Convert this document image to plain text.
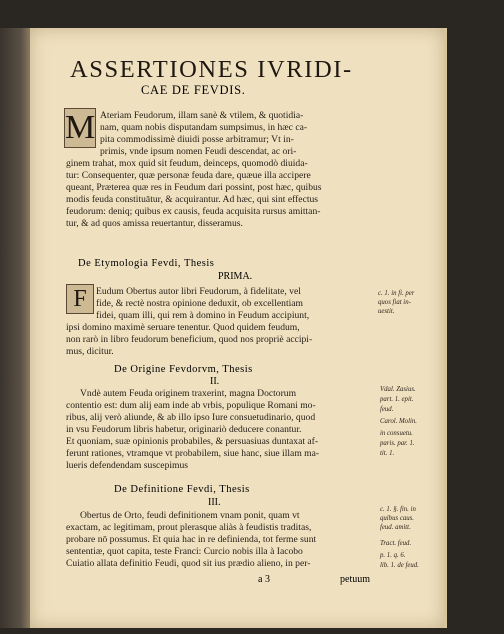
ASSERTIONES IVRIDI-
CAE DE FEVDIS.
M Ateriam Feudorum, illam sanè & vtilem, & quotidia-
nam, quam nobis disputandam sumpsimus, in hæc ca-
pita commodissimè diuidi posse arbitramur; Vt in-
primis, vnde ipsum nomen Feudi descendat, ac ori-
ginem trahat, mox quid sit feudum, deinceps, quomodò diuida-
tur: Consequenter, quæ personæ feuda dare, quæue illa accipere
queant, Præterea quæ res in Feudum dari possint, post hæc, quibus
modis feuda constituātur, & acquirantur. Ad hæc, qui sint effectus
feudorum: deniq; quibus ex causis, feuda acquisita rursus amittan-
tur, & ad quos amissa reuertantur, disseramus.
De Etymologia Fevdi, Thesis
PRIMA.
F Eudum Obertus autor libri Feudorum, à fidelitate, vel
fide, & rectè nostra opinione deduxit, ob excellentiam
fidei, quam illi, qui rem à domino in Feudum accipiunt,
ipsi domino maximè seruare tenentur. Quod quidem feudum,
non rarò in libro feudorum beneficium, quod nos propriè accipi-
mus, dicitur.
c. 1. in fi. per
quos fiat in-
uestit.
De Origine Fevdorvm, Thesis
II.
Vndè autem Feuda originem traxerint, magna Doctorum
contentio est: dum alij eam inde ab vrbis, populique Romani mo-
ribus, alij verò aliunde, & ab illo ipso Iure consuetudinario, quod
in vsu Feudorum libris habetur, originariò deducere conantur.
Et quoniam, suæ opinionis probabiles, & persuasiuas duntaxat af-
ferunt rationes, vtramque vt probabilem, siue hanc, siue illam ma-
lueris defendendam suscepimus
Vdal. Zasius.
part. 1. epit.
feud.
Carol. Molin.
in consuetu.
paris. par. 1.
tit. 1.
De Definitione Fevdi, Thesis
III.
Obertus de Orto, feudi definitionem vnam ponit, quam vt
exactam, ac legitimam, prout plerasque aliàs à feudistis traditas,
probare nō possumus. Et quia hac in re definienda, tot ferme sunt
sententiæ, quot capita, teste Franci: Curcio nobis illa à Iacobo
Cuiatio allata definitio Feudi, quod sit ius prædio alieno, in per-
c. 1. §. fin. in
quibus caus.
feud. amitt.
Tract. feud.
p. 1. q. 6.
lib. 1. de feud.
a 3	petuum
